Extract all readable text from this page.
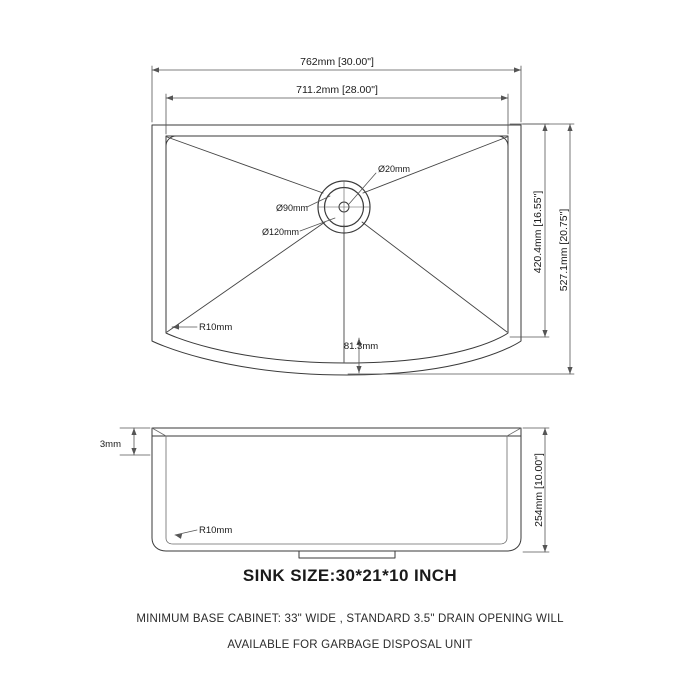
762mm [30.00"]
711.2mm [28.00"]
81.3mm
420.4mm [16.55"] 527.1mm [20.75"]
254mm [10.00"]
R10mm
R10mm
Ø90mm
Ø120mm
Ø20mm
3mm
SINK SIZE:30*21*10 INCH
MINIMUM BASE CABINET: 33" WIDE , STANDARD 3.5" DRAIN OPENING WILL
AVAILABLE FOR GARBAGE DISPOSAL UNIT
